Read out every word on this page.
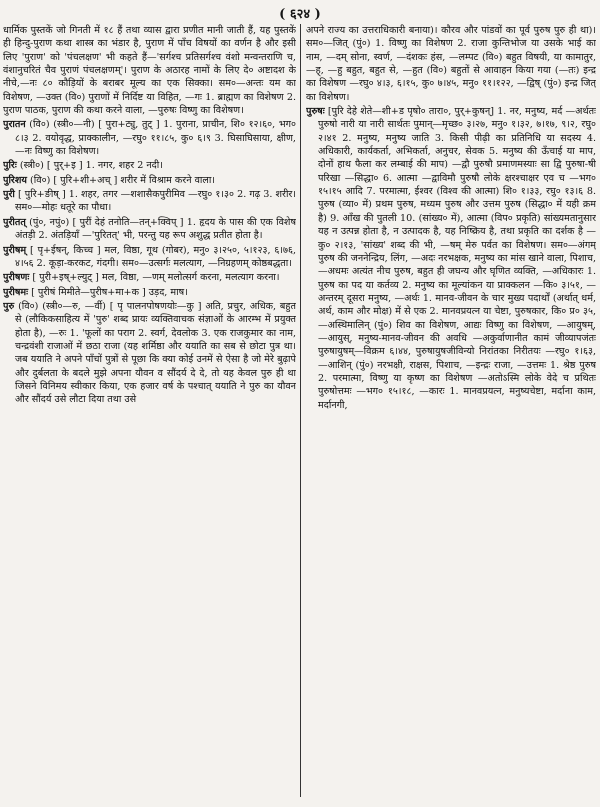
( ६२४ )

धार्मिक पुस्तकें जो गिनती में १८ हैं तथा व्यास द्वारा प्रणीत मानी जाती हैं, यह पुस्तकें ही हिन्दु-पुराण कथा शास्त्र का भंडार है, पुराण में पाँच विषयों का वर्णन है और इसी लिए 'पुराण' को 'पंचलक्षण' भी कहते हैं—'सर्गश्च प्रतिसर्गश्च वंशो मन्वन्तराणि च, वंशानुचरितं चैव पुराणं पंचलक्षणम्'। पुराण के अठारह नामों के लिए दे० अष्टादश के नीचे,—नः ८० कौड़ियों के बराबर मूल्य का एक सिक्का। सम०—अन्तः यम का विशेषण, —उक्त (वि०) पुराणों में निर्दिष्ट या विहित, —गः 1. ब्राह्मण का विशेषण 2. पुराण पाठक, पुराण की कथा करने वाला, —पुरुषः विष्णु का विशेषण।

पुरातन (वि०) (स्त्री०—नी) [ पुरा+ट्यु, तुट् ] 1. पुराना, प्राचीन, शि० १२।६०, भग० ८।३ 2. वयोवृद्ध, प्राक्कालीन, —रघु० ११।८५, कु० ६।९ 3. घिसाघिसाया, क्षीण, —नः विष्णु का विशेषण।

पुरिः (स्त्री०) [ पुर्+इ ] 1. नगर, शहर 2 नदी।

पुरिशय (वि०) [ पुरि+शी+अच् ] शरीर में विश्राम करने वाला।

पुरी [ पुरि+ङीष् ] 1. शहर, तगर —शशासैकपुरीमिव —रघु० १।३० 2. गढ़ 3. शरीर। सम०—मोहः धतूरे का पौधा।

पुरीतत् (पुं०, नपुं०) [ पुरीं देहं तनोति—तन्+क्विप् ] 1. हृदय के पास की एक विशेष अंतड़ी 2. अंतड़ियाँ —'पुरितत्' भी, परन्तु यह रूप अशुद्ध प्रतीत होता है।

पुरीषम् [ पृ+ईषन्, किच्च ] मल, विष्ठा, गूथ (गोबर), मनु० ३।२५०, ५।१२३, ६।७६, ४।५६ 2. कूड़ा-करकट, गंदगी। सम०—उत्सर्गः मलत्याग, —निग्रहणम् कोष्ठबद्धता।

पुरीषणः [ पुरी+इष्+ल्युट् ] मल, विष्ठा, —णम् मलोत्सर्ग करना, मलत्याग करना।

पुरीषमः [ पुरीषं मिमीते—पुरीष+मा+क ] उड़द, माष।

पुरु (वि०) (स्त्री०—रु, —र्वी) [ पृ पालनपोषणयोः—कु ] अति, प्रचुर, अधिक, बहुत से (लौकिकसाहित्य में 'पुरु' शब्द प्रायः व्यक्तिवाचक संज्ञाओं के आरम्भ में प्रयुक्त होता है), —रुः 1. 'फूलों का पराग 2. स्वर्ग, देवलोक 3. एक राजकुमार का नाम, चन्द्रवंशी राजाओं में छठा राजा (यह शर्मिष्ठा और ययाति का सब से छोटा पुत्र था। जब ययाति ने अपने पाँचों पुत्रों से पूछा कि क्या कोई उनमें से ऐसा है जो मेरे बुढ़ापे और दुर्बलता के बदले मुझे अपना यौवन व सौंदर्य दे दे, तो यह केवल पुरु ही था जिसने विनिमय स्वीकार किया, एक हजार वर्ष के पश्चात् ययाति ने पुरु का यौवन और सौंदर्य उसे लौटा दिया तथा उसे

अपने राज्य का उत्तराधिकारी बनाया)। कौरव और पांडवों का पूर्व पुरुष पुरु ही था)। सम०—जित् (पुं०) 1. विष्णु का विशेषण 2. राजा कुन्तिभोज या उसके भाई का नाम, —दम् सोना, स्वर्ण, —दंशकः हंस, —लम्पट (वि०) बहुत विषयी, या कामातुर, —ह्, —हु बहुत, बहुत से, —हुत (वि०) बहुतों से आवाहन किया गया (—तः) इन्द्र का विशेषण —रघु० ४।३, ६।१५, कु० ७।४५, मनु० ११।१२२, —द्विष् (पुं०) इन्द्र जित् का विशेषण।

पुरुषः [पुरि देहे शेते—शी+ड पृषो० तारा०, पुर्+कुषन्] 1. नर, मनुष्य, मर्द —अर्थतः पुरुषो नारी या नारी सार्थतः पुमान्—मृच्छ० ३।२७, मनु० १।३२, ७।१७, ९।२, रघु० २।४१ 2. मनुष्य, मनुष्य जाति 3. किसी पीढ़ी का प्रतिनिधि या सदस्य 4. अधिकारी, कार्यकर्ता, अभिकर्ता, अनुचर, सेवक 5. मनुष्य की ऊँचाई या माप, दोनों हाथ फैला कर लम्बाई की माप) —द्वौ पुरुषौ प्रमाणमस्याः सा द्वि पुरुषा-षी परिखा —सिद्धा० 6. आत्मा —द्वाविमौ पुरुषौ लोके क्षरश्चाक्षर एव च —भग० १५।१५ आदि 7. परमात्मा, ईश्वर (विश्व की आत्मा) शि० १।३३, रघु० १३।६ 8. पुरुष (व्या० में) प्रथम पुरुष, मध्यम पुरुष और उत्तम पुरुष (सिद्धा० में यही क्रम है) 9. आँख की पुतली 10. (सांख्य० में), आत्मा (विप० प्रकृति) सांख्यमतानुसार यह न उत्पन्न होता है, न उत्पादक है, यह निष्क्रिय है, तथा प्रकृति का दर्शक है —कु० २।१३, 'सांख्य' शब्द की भी, —षम् मेरु पर्वत का विशेषण। सम०—अंगम् पुरुष की जननेन्द्रिय, लिंग, —अदः नरभक्षक, मनुष्य का मांस खाने वाला, पिशाच, —अधमः अत्यंत नीच पुरुष, बहुत ही जघन्य और घृणित व्यक्ति, —अधिकारः 1. पुरुष का पद या कर्तव्य 2. मनुष्य का मूल्यांकन या प्राक्कलन —कि० ३।५१, —अन्तरम् दूसरा मनुष्य, —अर्थः 1. मानव-जीवन के चार मुख्य पदार्थों (अर्थात् धर्म, अर्थ, काम और मोक्ष) में से एक 2. मानवप्रयत्न या चेष्टा, पुरुषकार, कि० प्र० ३५, —अस्थिमालिन् (पुं०) शिव का विशेषण, आद्यः विष्णु का विशेषण, —आयुषम्, —आयुस्, मनुष्य-मानव-जीवन की अवधि —अकुर्वाणानीत कामं जीव्यापजंतः पुरुषायुषम्—विक्रम ६।४४, पुरुषायुषजीविन्यो निरांतका निरीतयः —रघु० १।६३, —आशिन् (पुं०) नरभक्षी, राक्षस, पिशाच, —इन्द्रः राजा, —उत्तमः 1. श्रेष्ठ पुरुष 2. परमात्मा, विष्णु या कृष्ण का विशेषण —अतोऽस्मि लोके वेदे च प्रथितः पुरुषोत्तमः —भग० १५।१८, —कारः 1. मानवप्रयत्न, मनुष्यचेष्टा, मर्दाना काम, मर्दानगी,
